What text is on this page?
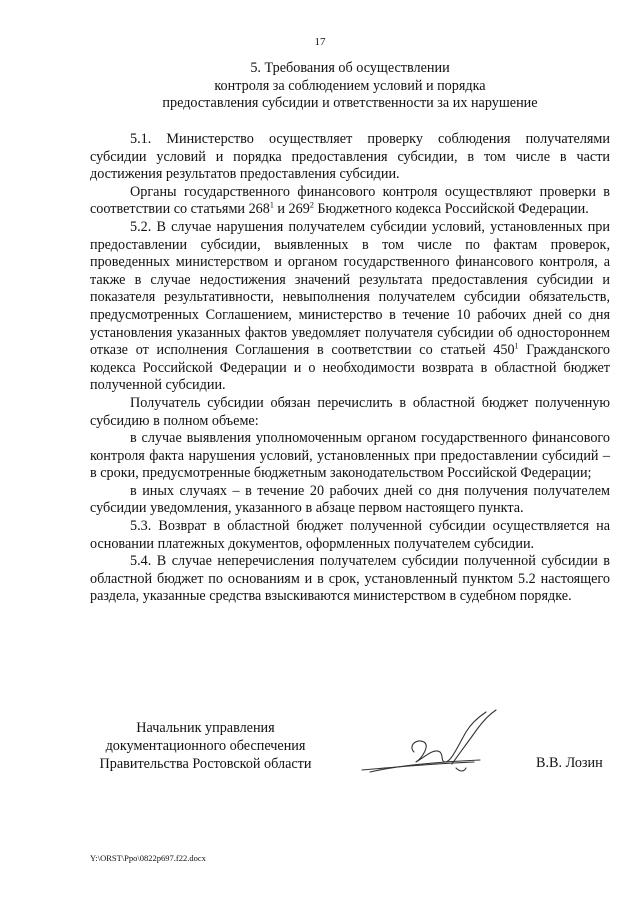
17
5. Требования об осуществлении
контроля за соблюдением условий и порядка
предоставления субсидии и ответственности за их нарушение

5.1. Министерство осуществляет проверку соблюдения получателями субсидии условий и порядка предоставления субсидии, в том числе в части достижения результатов предоставления субсидии.

Органы государственного финансового контроля осуществляют проверки в соответствии со статьями $268^1$ и $269^2$ Бюджетного кодекса Российской Федерации.

5.2. В случае нарушения получателем субсидии условий, установленных при предоставлении субсидии, выявленных в том числе по фактам проверок, проведенных министерством и органом государственного финансового контроля, а также в случае недостижения значений результата предоставления субсидии и показателя результативности, невыполнения получателем субсидии обязательств, предусмотренных Соглашением, министерство в течение 10 рабочих дней со дня установления указанных фактов уведомляет получателя субсидии об одностороннем отказе от исполнения Соглашения в соответствии со статьей $450^1$ Гражданского кодекса Российской Федерации и о необходимости возврата в областной бюджет полученной субсидии.

Получатель субсидии обязан перечислить в областной бюджет полученную субсидию в полном объеме:

в случае выявления уполномоченным органом государственного финансового контроля факта нарушения условий, установленных при предоставлении субсидий – в сроки, предусмотренные бюджетным законодательством Российской Федерации;

в иных случаях – в течение 20 рабочих дней со дня получения получателем субсидии уведомления, указанного в абзаце первом настоящего пункта.

5.3. Возврат в областной бюджет полученной субсидии осуществляется на основании платежных документов, оформленных получателем субсидии.

5.4. В случае неперечисления получателем субсидии полученной субсидии в областной бюджет по основаниям и в срок, установленный пунктом 5.2 настоящего раздела, указанные средства взыскиваются министерством в судебном порядке.

Начальник управления
документационного обеспечения
Правительства Ростовской области	В.В. Лозин
Y:\ORST\Ppo\0822p697.f22.docx
